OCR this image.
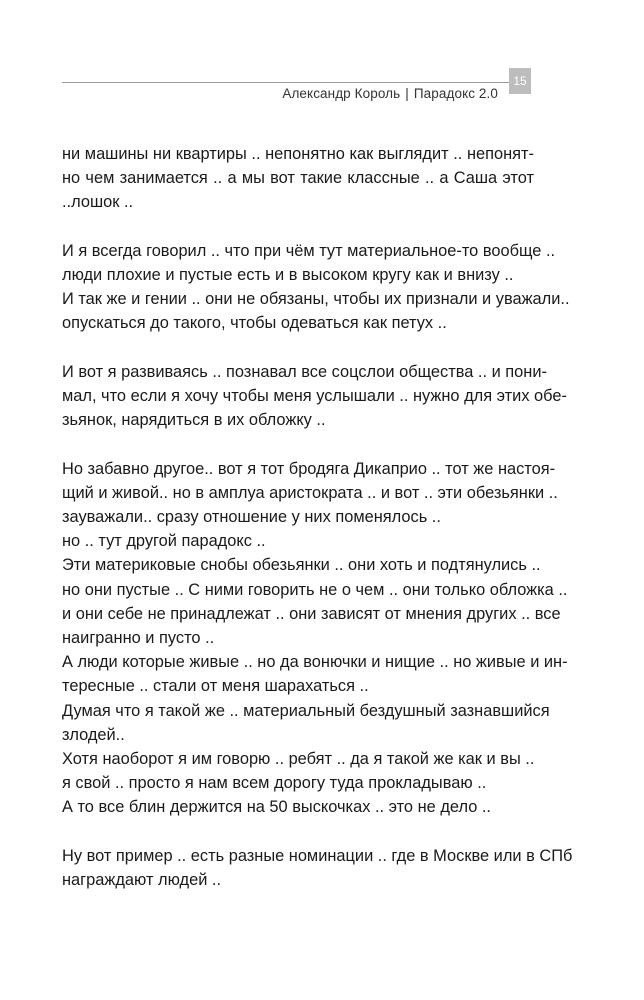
15
Александр Король | Парадокс 2.0
ни машины ни квартиры .. непонятно как выглядит .. непонят-
но чем занимается .. а мы вот такие классные .. а Саша этот
..лошок ..
И я всегда говорил .. что при чём тут материальное-то вообще ..
люди плохие и пустые есть и в высоком кругу как и внизу ..
И так же и гении .. они не обязаны, чтобы их признали и уважали..
опускаться до такого, чтобы одеваться как петух ..
И вот я развиваясь .. познавал все соцслои общества .. и пони-
мал, что если я хочу чтобы меня услышали .. нужно для этих обе-
зьянок, нарядиться в их обложку ..
Но забавно другое.. вот я тот бродяга Дикаприо .. тот же настоя-
щий и живой.. но в амплуа аристократа .. и вот .. эти обезьянки ..
зауважали.. сразу отношение у них поменялось ..
но .. тут другой парадокс ..
Эти материковые снобы обезьянки .. они хоть и подтянулись ..
но они пустые .. С ними говорить не о чем .. они только обложка ..
и они себе не принадлежат .. они зависят от мнения других .. все
наигранно и пусто ..
А люди которые живые .. но да вонючки и нищие .. но живые и ин-
тересные .. стали от меня шарахаться ..
Думая что я такой же .. материальный бездушный зазнавшийся
злодей..
Хотя наоборот я им говорю .. ребят .. да я такой же как и вы ..
я свой .. просто я нам всем дорогу туда прокладываю ..
А то все блин держится на 50 выскочках .. это не дело ..
Ну вот пример .. есть разные номинации .. где в Москве или в СПб
награждают людей ..
